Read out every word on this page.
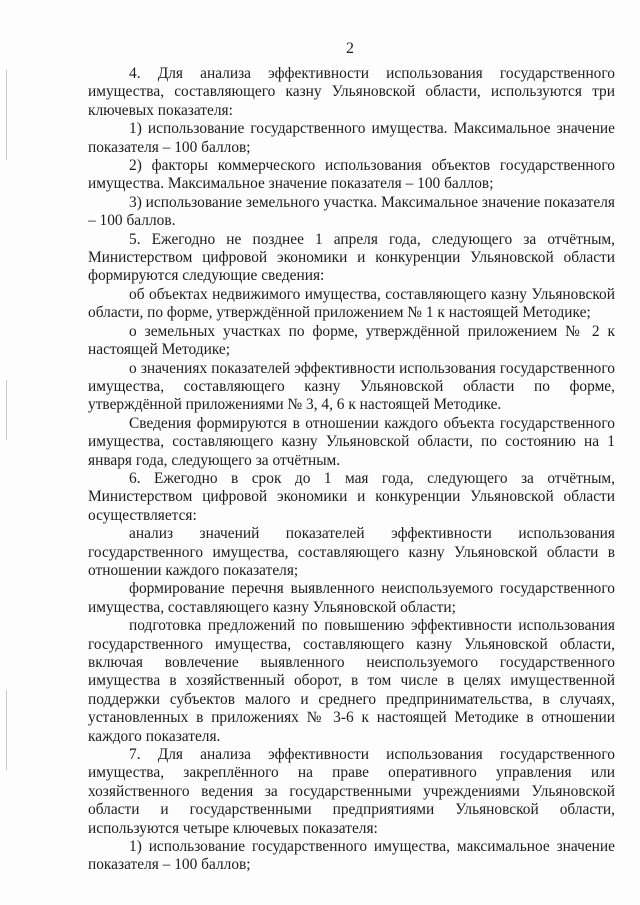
2

4. Для анализа эффективности использования государственного имущества, составляющего казну Ульяновской области, используются три ключевых показателя:

1) использование государственного имущества. Максимальное значение показателя – 100 баллов;

2) факторы коммерческого использования объектов государственного имущества. Максимальное значение показателя – 100 баллов;

3) использование земельного участка. Максимальное значение показателя – 100 баллов.

5. Ежегодно не позднее 1 апреля года, следующего за отчётным, Министерством цифровой экономики и конкуренции Ульяновской области формируются следующие сведения:

об объектах недвижимого имущества, составляющего казну Ульяновской области, по форме, утверждённой приложением № 1 к настоящей Методике;

о земельных участках по форме, утверждённой приложением № 2 к настоящей Методике;

о значениях показателей эффективности использования государственного имущества, составляющего казну Ульяновской области по форме, утверждённой приложениями № 3, 4, 6 к настоящей Методике.

Сведения формируются в отношении каждого объекта государственного имущества, составляющего казну Ульяновской области, по состоянию на 1 января года, следующего за отчётным.

6. Ежегодно в срок до 1 мая года, следующего за отчётным, Министерством цифровой экономики и конкуренции Ульяновской области осуществляется:

анализ значений показателей эффективности использования государственного имущества, составляющего казну Ульяновской области в отношении каждого показателя;

формирование перечня выявленного неиспользуемого государственного имущества, составляющего казну Ульяновской области;

подготовка предложений по повышению эффективности использования государственного имущества, составляющего казну Ульяновской области, включая вовлечение выявленного неиспользуемого государственного имущества в хозяйственный оборот, в том числе в целях имущественной поддержки субъектов малого и среднего предпринимательства, в случаях, установленных в приложениях № 3-6 к настоящей Методике в отношении каждого показателя.

7. Для анализа эффективности использования государственного имущества, закреплённого на праве оперативного управления или хозяйственного ведения за государственными учреждениями Ульяновской области и государственными предприятиями Ульяновской области, используются четыре ключевых показателя:

1) использование государственного имущества, максимальное значение показателя – 100 баллов;
